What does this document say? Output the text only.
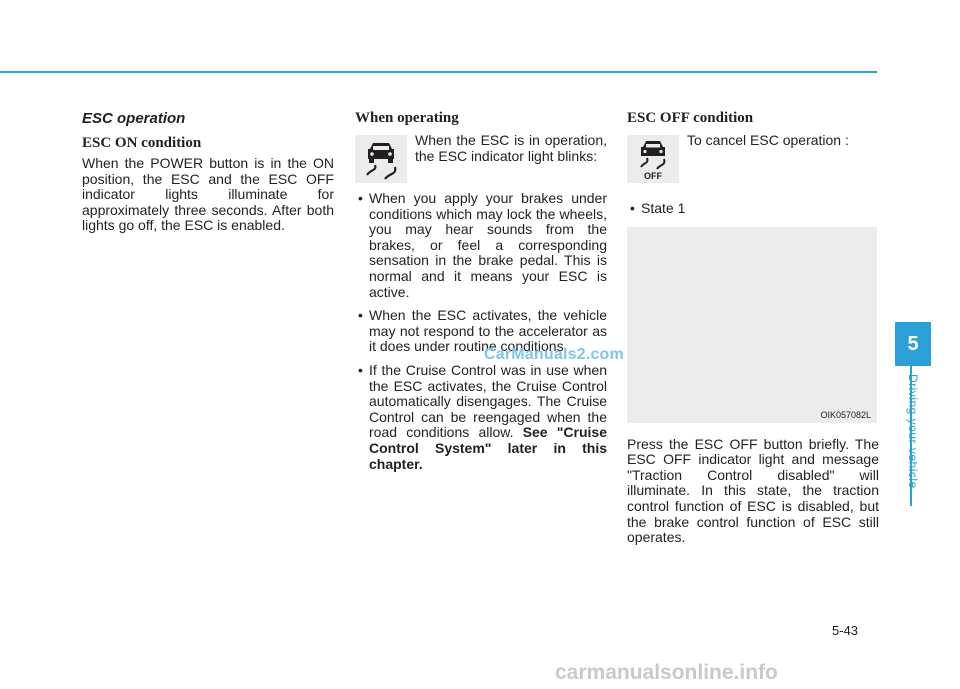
ESC operation
ESC ON condition

When the POWER button is in the ON position, the ESC and the ESC OFF indicator lights illuminate for approximately three seconds. After both lights go off, the ESC is enabled.

When operating
When the ESC is in operation, the ESC indicator light blinks:
• When you apply your brakes under conditions which may lock the wheels, you may hear sounds from the brakes, or feel a corresponding sensation in the brake pedal. This is normal and it means your ESC is active.
• When the ESC activates, the vehicle may not respond to the accelerator as it does under routine conditions.
• If the Cruise Control was in use when the ESC activates, the Cruise Control automatically disengages. The Cruise Control can be reengaged when the road conditions allow. See "Cruise Control System" later in this chapter.
ESC OFF condition
OFF
To cancel ESC operation :
• State 1
OIK057082L

Press the ESC OFF button briefly. The ESC OFF indicator light and message "Traction Control disabled" will illuminate. In this state, the traction control function of ESC is disabled, but the brake control function of ESC still operates.

CarManuals2.com	5
Driving your vehicle
5-43
carmanualsonline.info
